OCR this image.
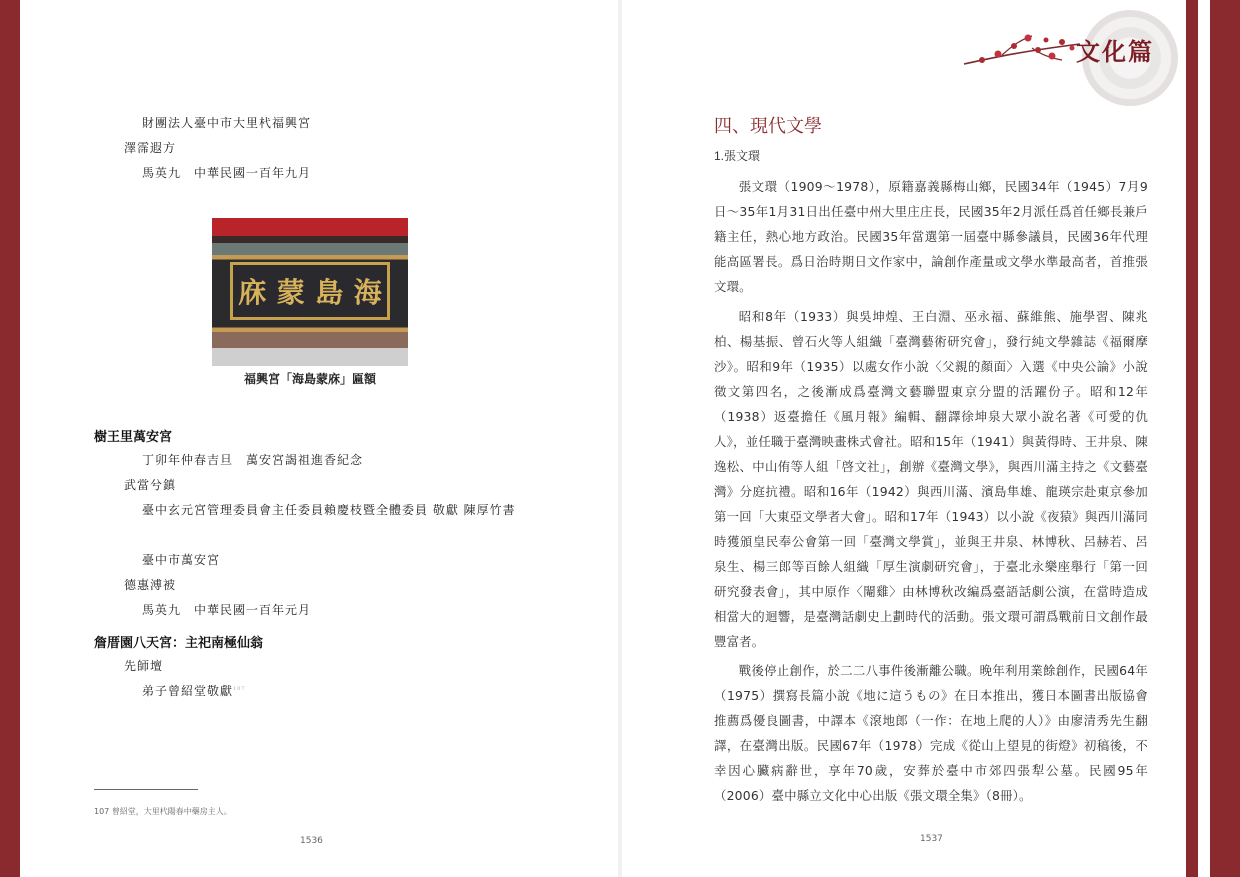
財團法人臺中市大里杙福興宮
澤霈遐方
馬英九　中華民國一百年九月
庥 蒙 島 海
福興宮「海島蒙庥」匾額
樹王里萬安宮
丁卯年仲春吉旦　萬安宮謁祖進香紀念
武當兮鎮
臺中玄元宮管理委員會主任委員賴慶枝暨全體委員 敬獻 陳厚竹書
臺中市萬安宮
德惠溥被
馬英九　中華民國一百年元月
詹厝園八天宮：主祀南極仙翁
先師壇
弟子曾紹堂敬獻$^{107}$
107 曾紹堂，大里杙陽春中藥房主人。
1536
文化篇
四、現代文學
1.張文環
張文環（1909～1978），原籍嘉義縣梅山鄉，民國34年（1945）7月9日～35年1月31日出任臺中州大里庄庄長，民國35年2月派任爲首任鄉長兼戶籍主任，熱心地方政治。民國35年當選第一屆臺中縣參議員，民國36年代理能高區署長。爲日治時期日文作家中，論創作產量或文學水準最高者，首推張文環。
昭和8年（1933）與吳坤煌、王白淵、巫永福、蘇維熊、施學習、陳兆柏、楊基振、曾石火等人組織「臺灣藝術研究會」，發行純文學雜誌《福爾摩沙》。昭和9年（1935）以處女作小說〈父親的顏面〉入選《中央公論》小說徵文第四名，之後漸成爲臺灣文藝聯盟東京分盟的活躍份子。昭和12年（1938）返臺擔任《風月報》編輯、翻譯徐坤泉大眾小說名著《可愛的仇人》，並任職于臺灣映畫株式會社。昭和15年（1941）與黃得時、王井泉、陳逸松、中山侑等人組「啓文社」，創辦《臺灣文學》，與西川滿主持之《文藝臺灣》分庭抗禮。昭和16年（1942）與西川滿、濱島隼雄、龍瑛宗赴東京參加第一回「大東亞文學者大會」。昭和17年（1943）以小說《夜猿》與西川滿同時獲頒皇民奉公會第一回「臺灣文學賞」，並與王井泉、林博秋、呂赫若、呂泉生、楊三郎等百餘人組織「厚生演劇研究會」，于臺北永樂座舉行「第一回研究發表會」，其中原作〈閹雞〉由林博秋改編爲臺語話劇公演，在當時造成相當大的迴響，是臺灣話劇史上劃時代的活動。張文環可謂爲戰前日文創作最豐富者。
戰後停止創作，於二二八事件後漸離公職。晚年利用業餘創作，民國64年（1975）撰寫長篇小說《地に這うもの》在日本推出，獲日本圖書出版協會推薦爲優良圖書，中譯本《滾地郎（一作：在地上爬的人）》由廖清秀先生翻譯，在臺灣出版。民國67年（1978）完成《從山上望見的街燈》初稿後，不幸因心臟病辭世，享年70歲，安葬於臺中市郊四張犁公墓。民國95年（2006）臺中縣立文化中心出版《張文環全集》（8冊）。
1537
